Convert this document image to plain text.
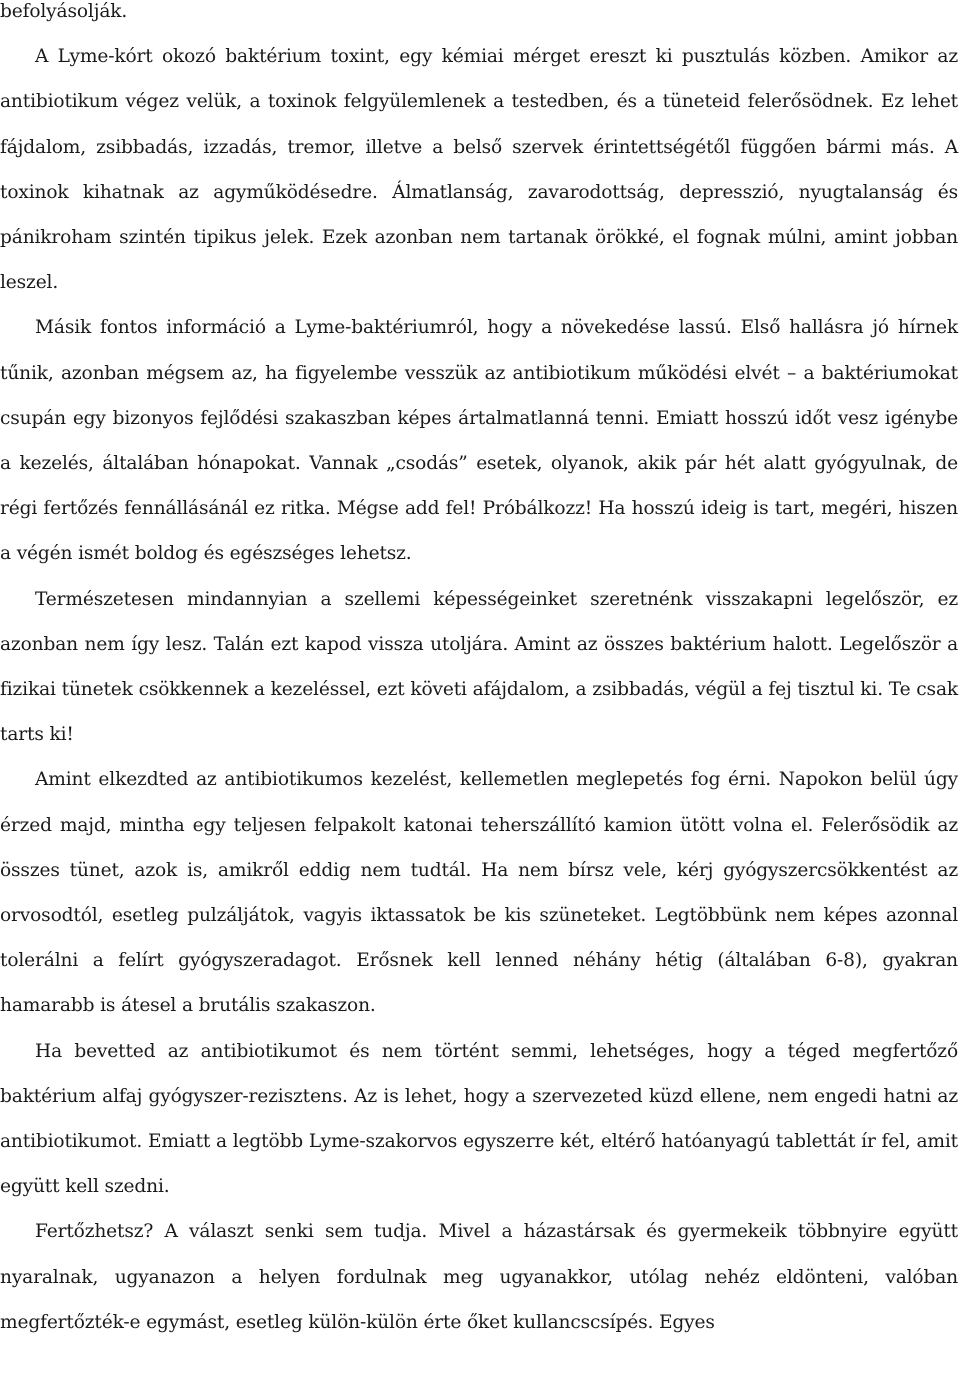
befolyásolják.

A Lyme-kórt okozó baktérium toxint, egy kémiai mérget ereszt ki pusztulás közben. Amikor az antibiotikum végez velük, a toxinok felgyülemlenek a testedben, és a tüneteid felerősödnek. Ez lehet fájdalom, zsibbadás, izzadás, tremor, illetve a belső szervek érintettségétől függően bármi más. A toxinok kihatnak az agyműködésedre. Álmatlanság, zavarodottság, depresszió, nyugtalanság és pánikroham szintén tipikus jelek. Ezek azonban nem tartanak örökké, el fognak múlni, amint jobban leszel.

Másik fontos információ a Lyme-baktériumról, hogy a növekedése lassú. Első hallásra jó hírnek tűnik, azonban mégsem az, ha figyelembe vesszük az antibiotikum működési elvét – a baktériumokat csupán egy bizonyos fejlődési szakaszban képes ártalmatlanná tenni. Emiatt hosszú időt vesz igénybe a kezelés, általában hónapokat. Vannak „csodás” esetek, olyanok, akik pár hét alatt gyógyulnak, de régi fertőzés fennállásánál ez ritka. Mégse add fel! Próbálkozz! Ha hosszú ideig is tart, megéri, hiszen a végén ismét boldog és egészséges lehetsz.

Természetesen mindannyian a szellemi képességeinket szeretnénk visszakapni legelőször, ez azonban nem így lesz. Talán ezt kapod vissza utoljára. Amint az összes baktérium halott. Legelőször a fizikai tünetek csökkennek a kezeléssel, ezt követi afájdalom, a zsibbadás, végül a fej tisztul ki. Te csak tarts ki!

Amint elkezdted az antibiotikumos kezelést, kellemetlen meglepetés fog érni. Napokon belül úgy érzed majd, mintha egy teljesen felpakolt katonai teherszállító kamion ütött volna el. Felerősödik az összes tünet, azok is, amikről eddig nem tudtál. Ha nem bírsz vele, kérj gyógyszercsökkentést az orvosodtól, esetleg pulzáljátok, vagyis iktassatok be kis szüneteket. Legtöbbünk nem képes azonnal tolerálni a felírt gyógyszeradagot. Erősnek kell lenned néhány hétig (általában 6-8), gyakran hamarabb is átesel a brutális szakaszon.

Ha bevetted az antibiotikumot és nem történt semmi, lehetséges, hogy a téged megfertőző baktérium alfaj gyógyszer-rezisztens. Az is lehet, hogy a szervezeted küzd ellene, nem engedi hatni az antibiotikumot. Emiatt a legtöbb Lyme-szakorvos egyszerre két, eltérő hatóanyagú tablettát ír fel, amit együtt kell szedni.

Fertőzhetsz? A választ senki sem tudja. Mivel a házastársak és gyermekeik többnyire együtt nyaralnak, ugyanazon a helyen fordulnak meg ugyanakkor, utólag nehéz eldönteni, valóban megfertőzték-e egymást, esetleg külön-külön érte őket kullancscsípés. Egyes
